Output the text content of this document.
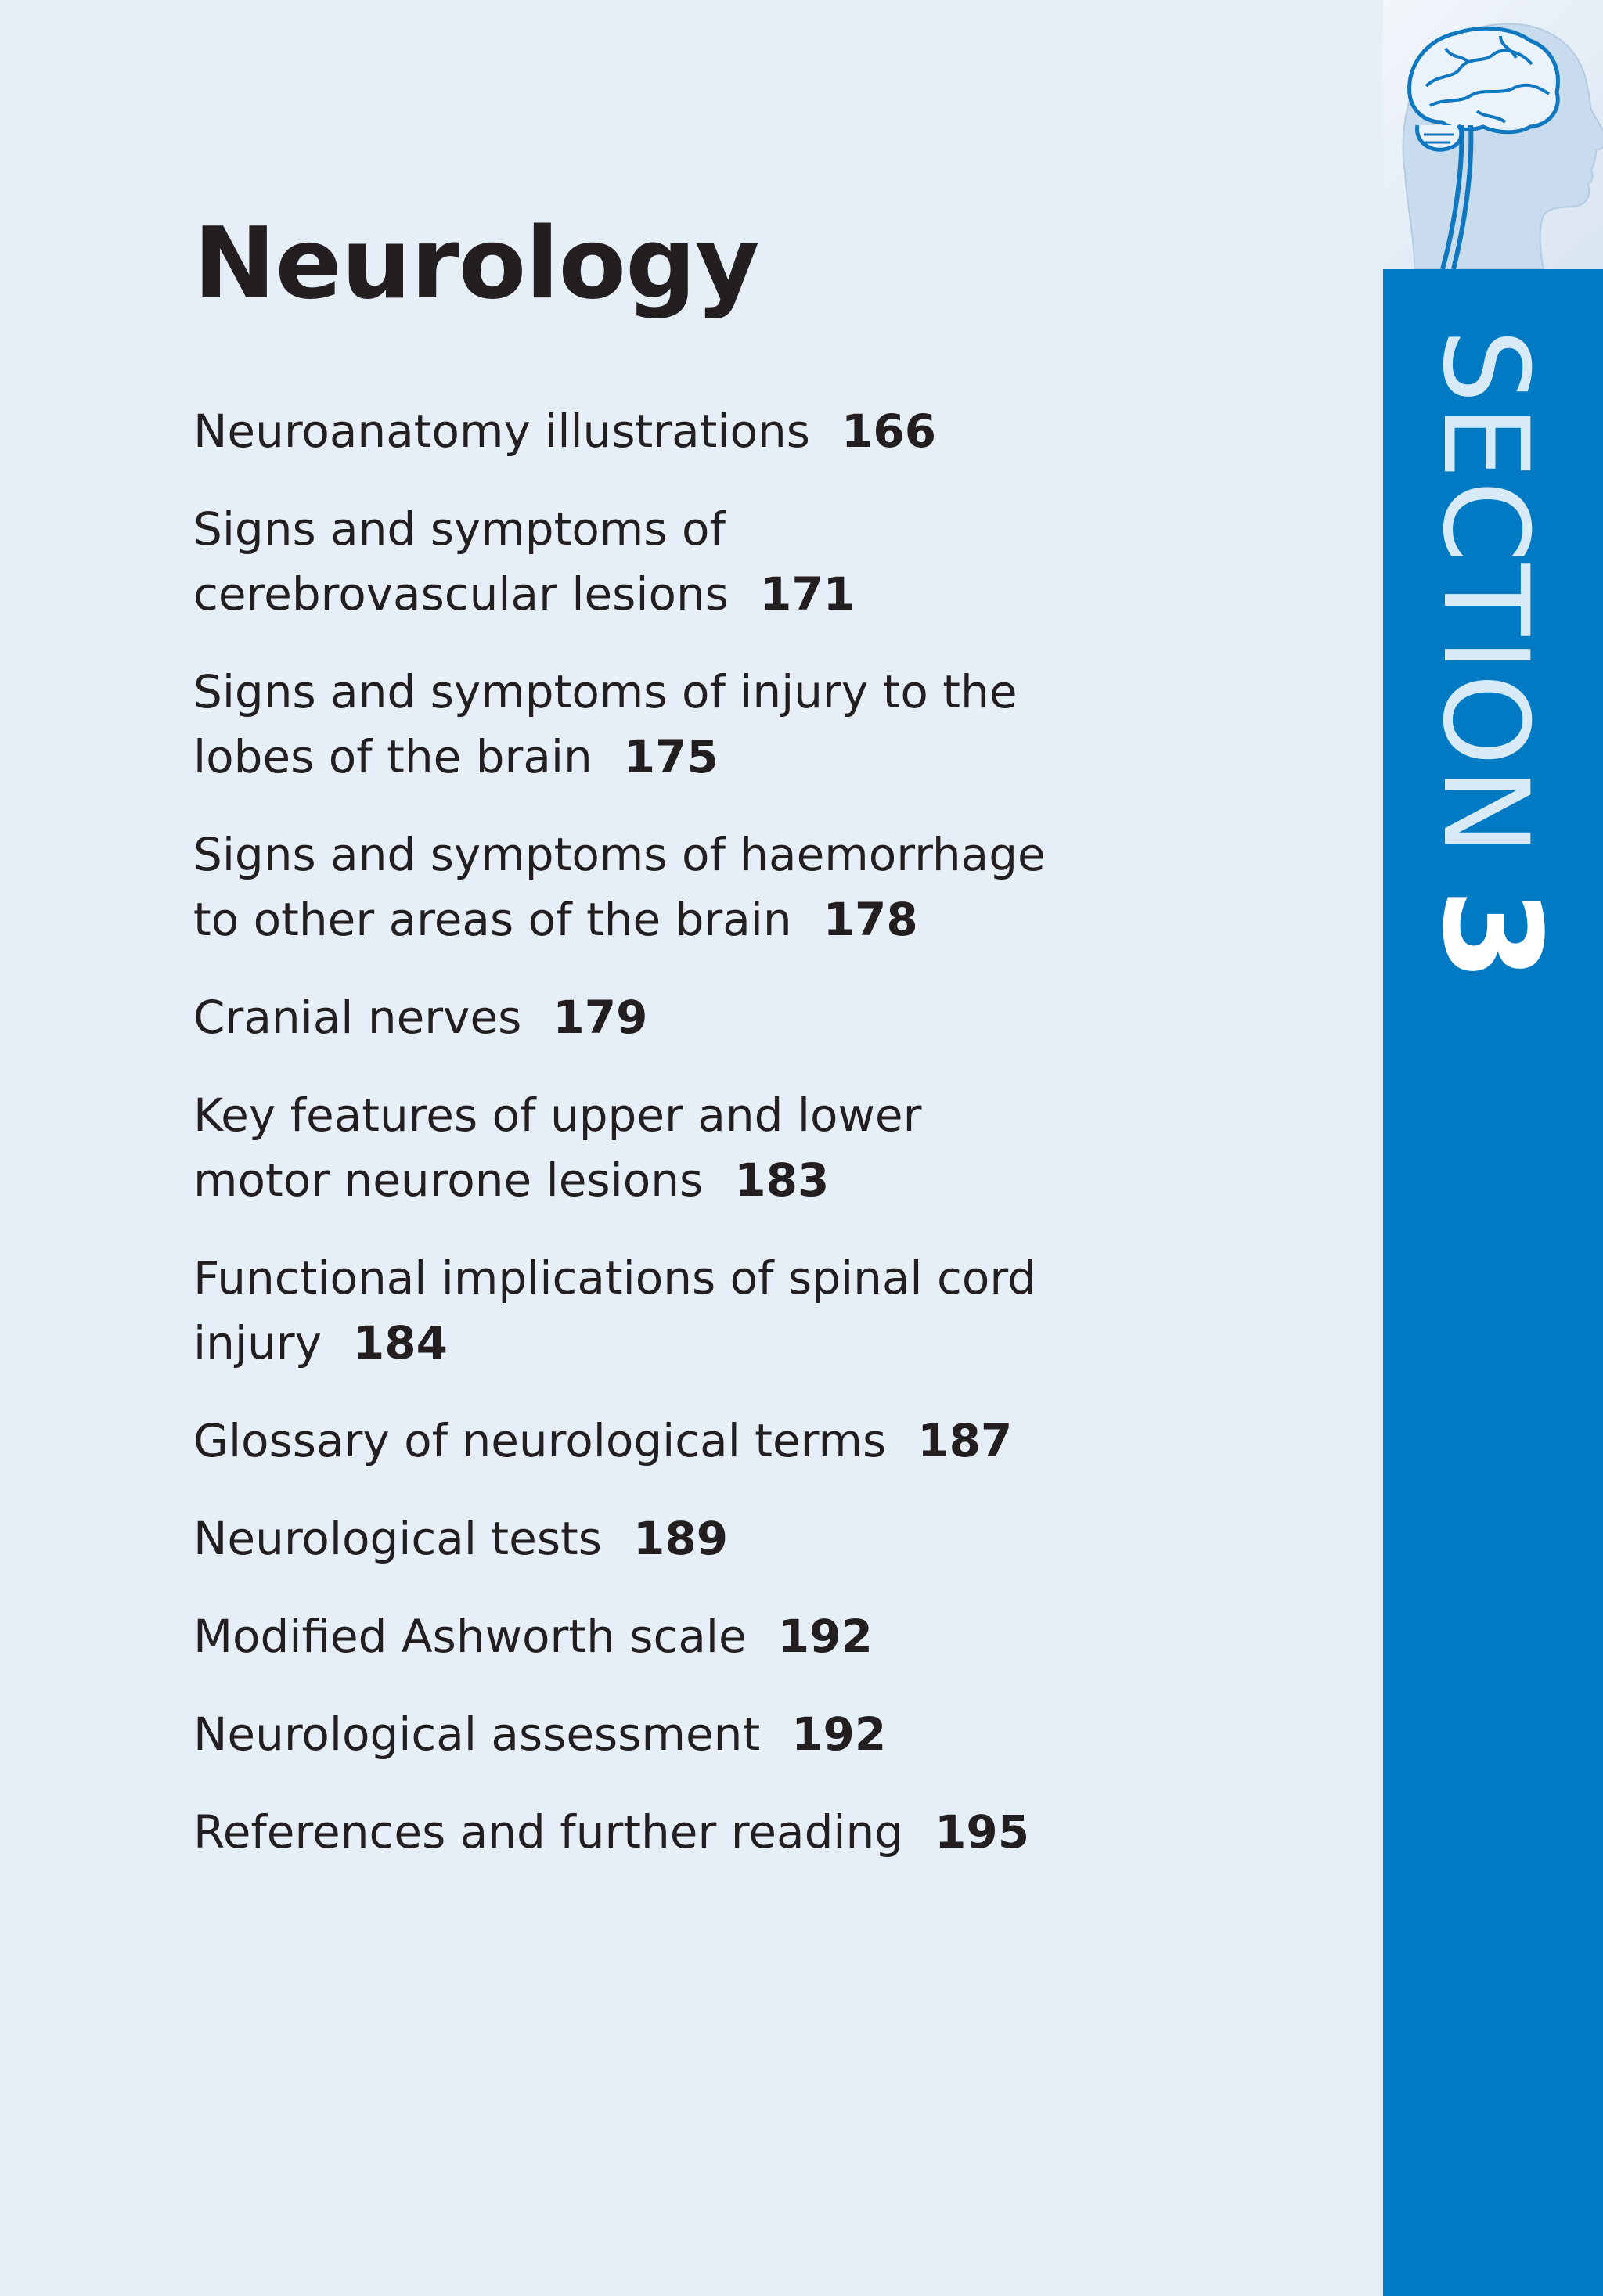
Neurology
Neuroanatomy illustrations 166
Signs and symptoms of cerebrovascular lesions 171
Signs and symptoms of injury to the lobes of the brain 175
Signs and symptoms of haemorrhage to other areas of the brain 178
Cranial nerves 179
Key features of upper and lower motor neurone lesions 183
Functional implications of spinal cord injury 184
Glossary of neurological terms 187
Neurological tests 189
Modified Ashworth scale 192
Neurological assessment 192
References and further reading 195
SECTION3
